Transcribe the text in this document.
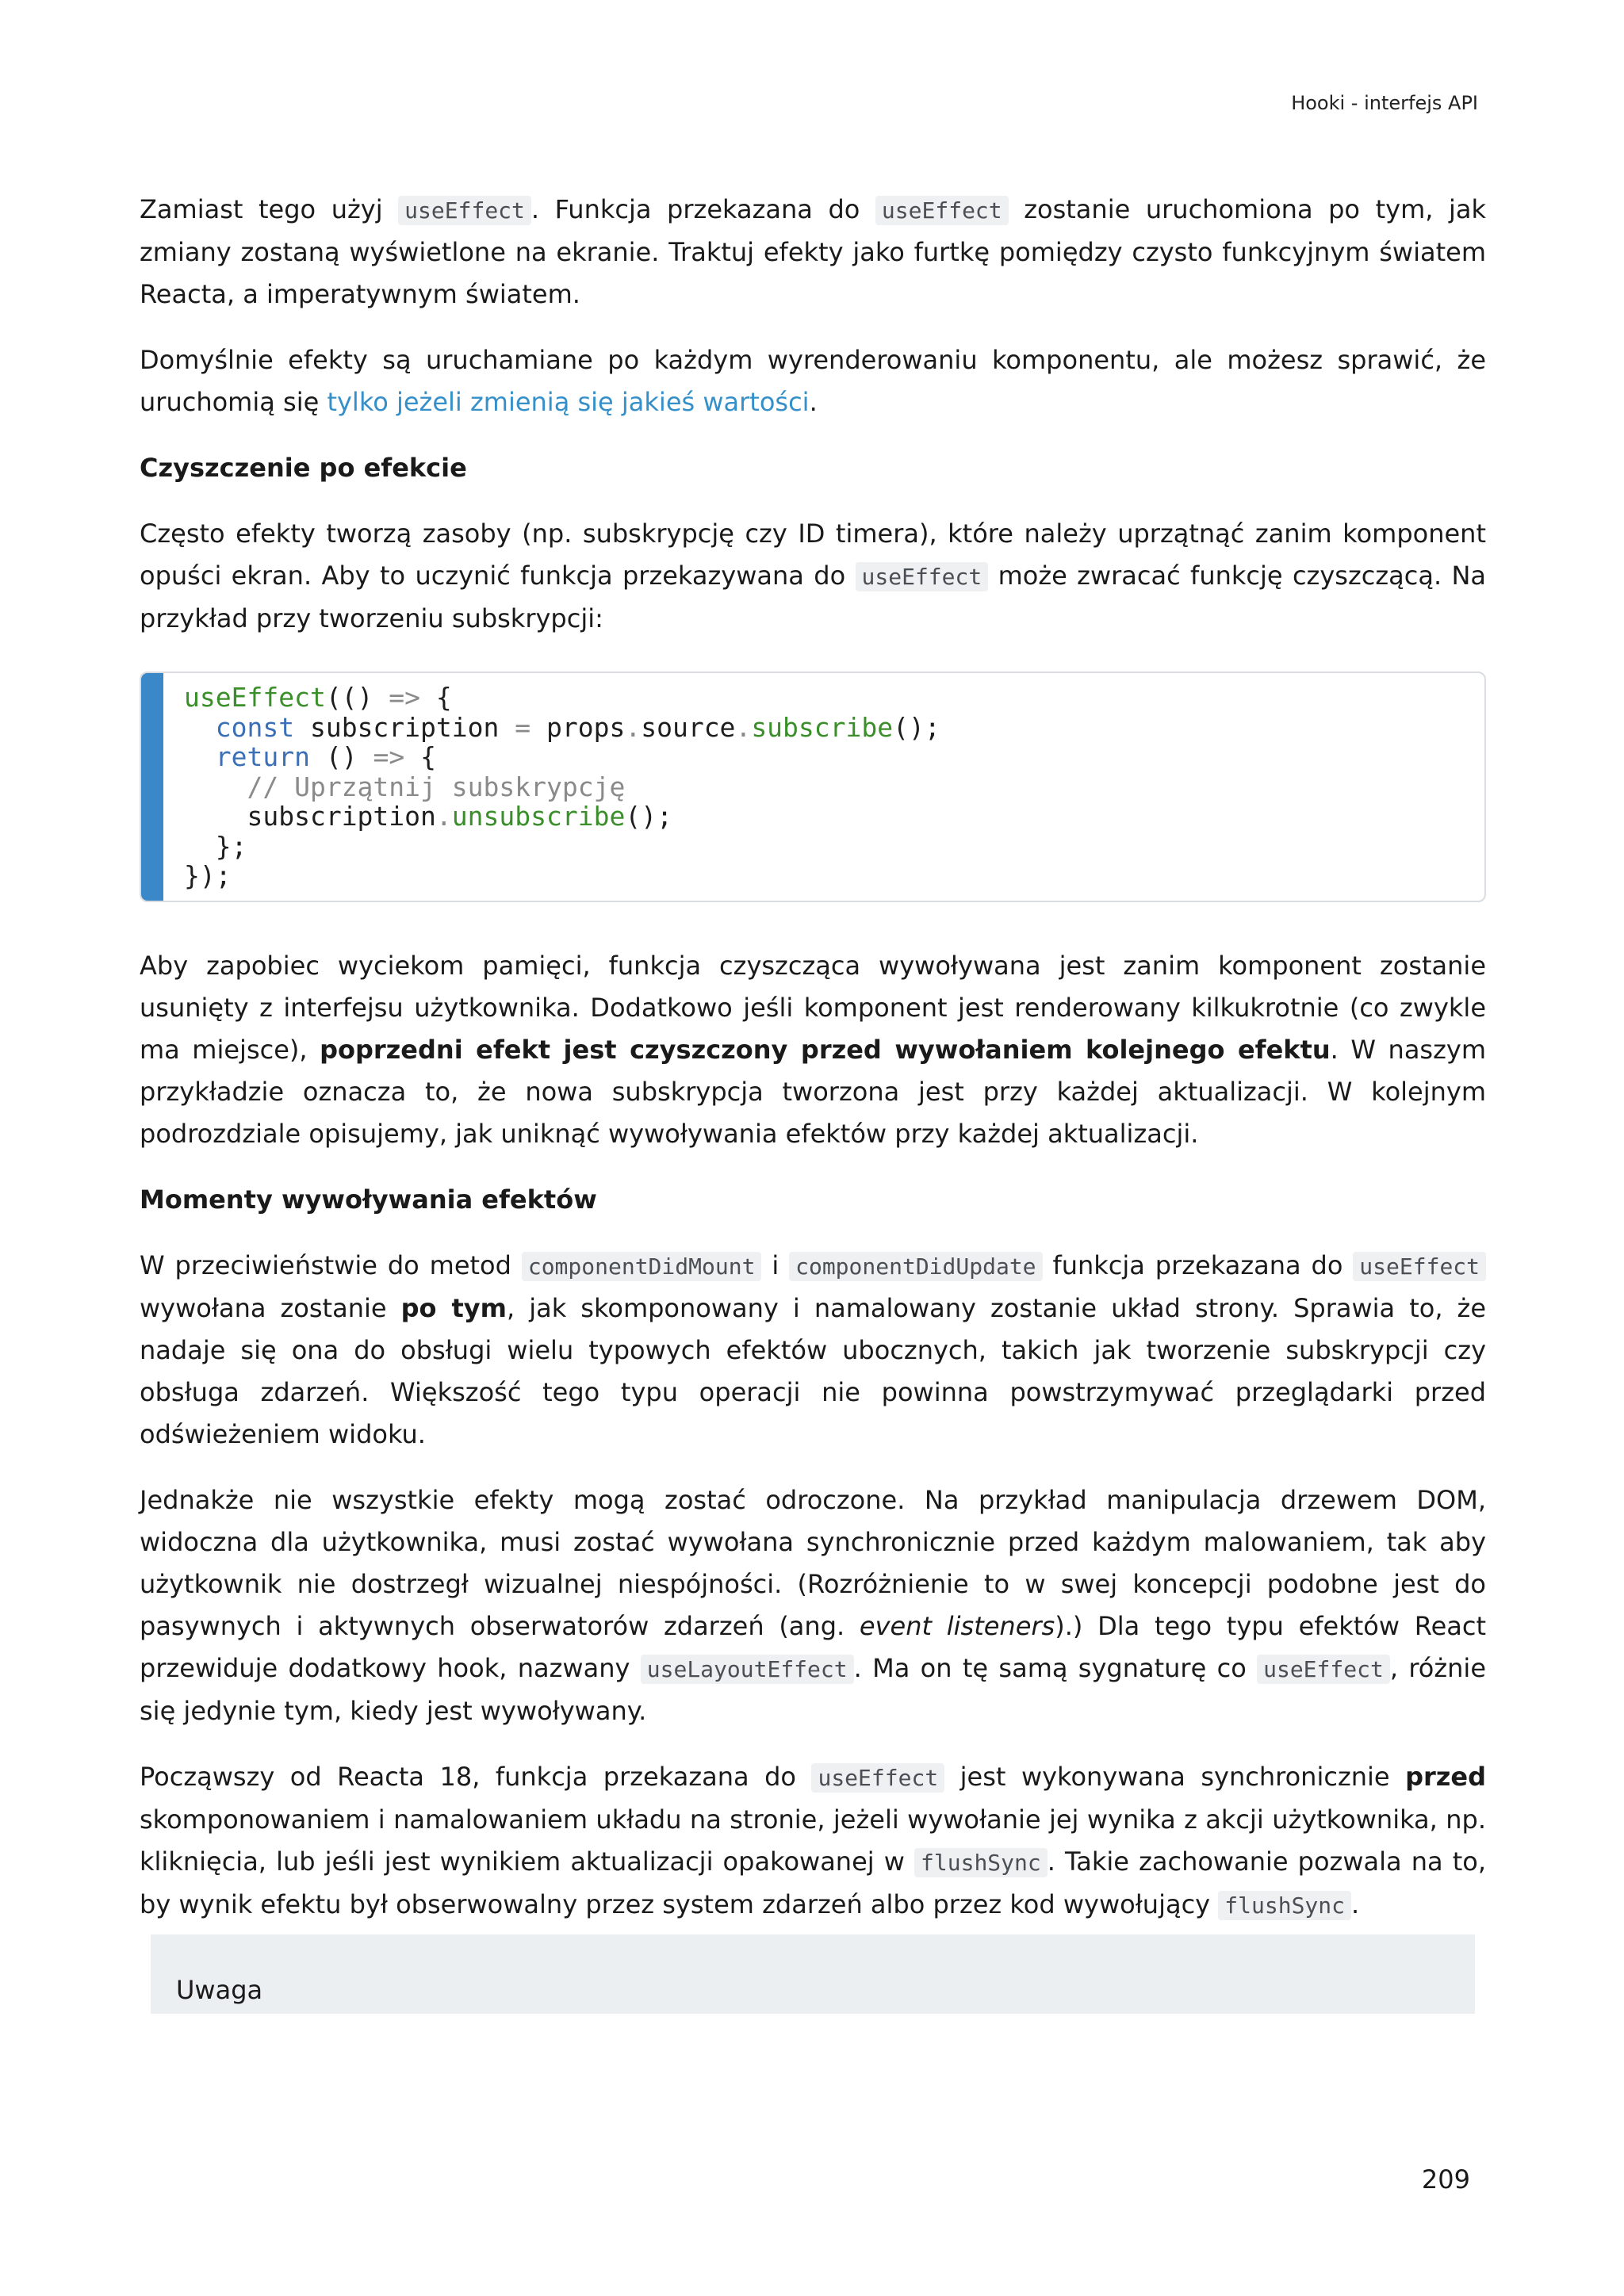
Hooki - interfejs API

Zamiast tego użyj useEffect . Funkcja przekazana do useEffect zostanie uruchomiona po tym, jak zmiany zostaną wyświetlone na ekranie. Traktuj efekty jako furtkę pomiędzy czysto funkcyjnym światem Reacta, a imperatywnym światem.

Domyślnie efekty są uruchamiane po każdym wyrenderowaniu komponentu, ale możesz sprawić, że uruchomią się tylko jeżeli zmienią się jakieś wartości.

Czyszczenie po efekcie

Często efekty tworzą zasoby (np. subskrypcję czy ID timera), które należy uprzątnąć zanim komponent opuści ekran. Aby to uczynić funkcja przekazywana do useEffect może zwracać funkcję czyszczącą. Na przykład przy tworzeniu subskrypcji:

useEffect(() => {
const subscription = props.source.subscribe();
return () => {
// Uprzątnij subskrypcję
subscription.unsubscribe();
};
});

Aby zapobiec wyciekom pamięci, funkcja czyszcząca wywoływana jest zanim komponent zostanie usunięty z interfejsu użytkownika. Dodatkowo jeśli komponent jest renderowany kilkukrotnie (co zwykle ma miejsce), poprzedni efekt jest czyszczony przed wywołaniem kolejnego efektu. W naszym przykładzie oznacza to, że nowa subskrypcja tworzona jest przy każdej aktualizacji. W kolejnym podrozdziale opisujemy, jak uniknąć wywoływania efektów przy każdej aktualizacji.

Momenty wywoływania efektów

W przeciwieństwie do metod componentDidMount i componentDidUpdate funkcja przekazana do useEffect wywołana zostanie po tym, jak skomponowany i namalowany zostanie układ strony. Sprawia to, że nadaje się ona do obsługi wielu typowych efektów ubocznych, takich jak tworzenie subskrypcji czy obsługa zdarzeń. Większość tego typu operacji nie powinna powstrzymywać przeglądarki przed odświeżeniem widoku.

Jednakże nie wszystkie efekty mogą zostać odroczone. Na przykład manipulacja drzewem DOM, widoczna dla użytkownika, musi zostać wywołana synchronicznie przed każdym malowaniem, tak aby użytkownik nie dostrzegł wizualnej niespójności. (Rozróżnienie to w swej koncepcji podobne jest do pasywnych i aktywnych obserwatorów zdarzeń (ang. event listeners).) Dla tego typu efektów React przewiduje dodatkowy hook, nazwany useLayoutEffect . Ma on tę samą sygnaturę co useEffect , różnie się jedynie tym, kiedy jest wywoływany.

Począwszy od Reacta 18, funkcja przekazana do useEffect jest wykonywana synchronicznie przed skomponowaniem i namalowaniem układu na stronie, jeżeli wywołanie jej wynika z akcji użytkownika, np. kliknięcia, lub jeśli jest wynikiem aktualizacji opakowanej w flushSync . Takie zachowanie pozwala na to, by wynik efektu był obserwowalny przez system zdarzeń albo przez kod wywołujący flushSync .

Uwaga
209
